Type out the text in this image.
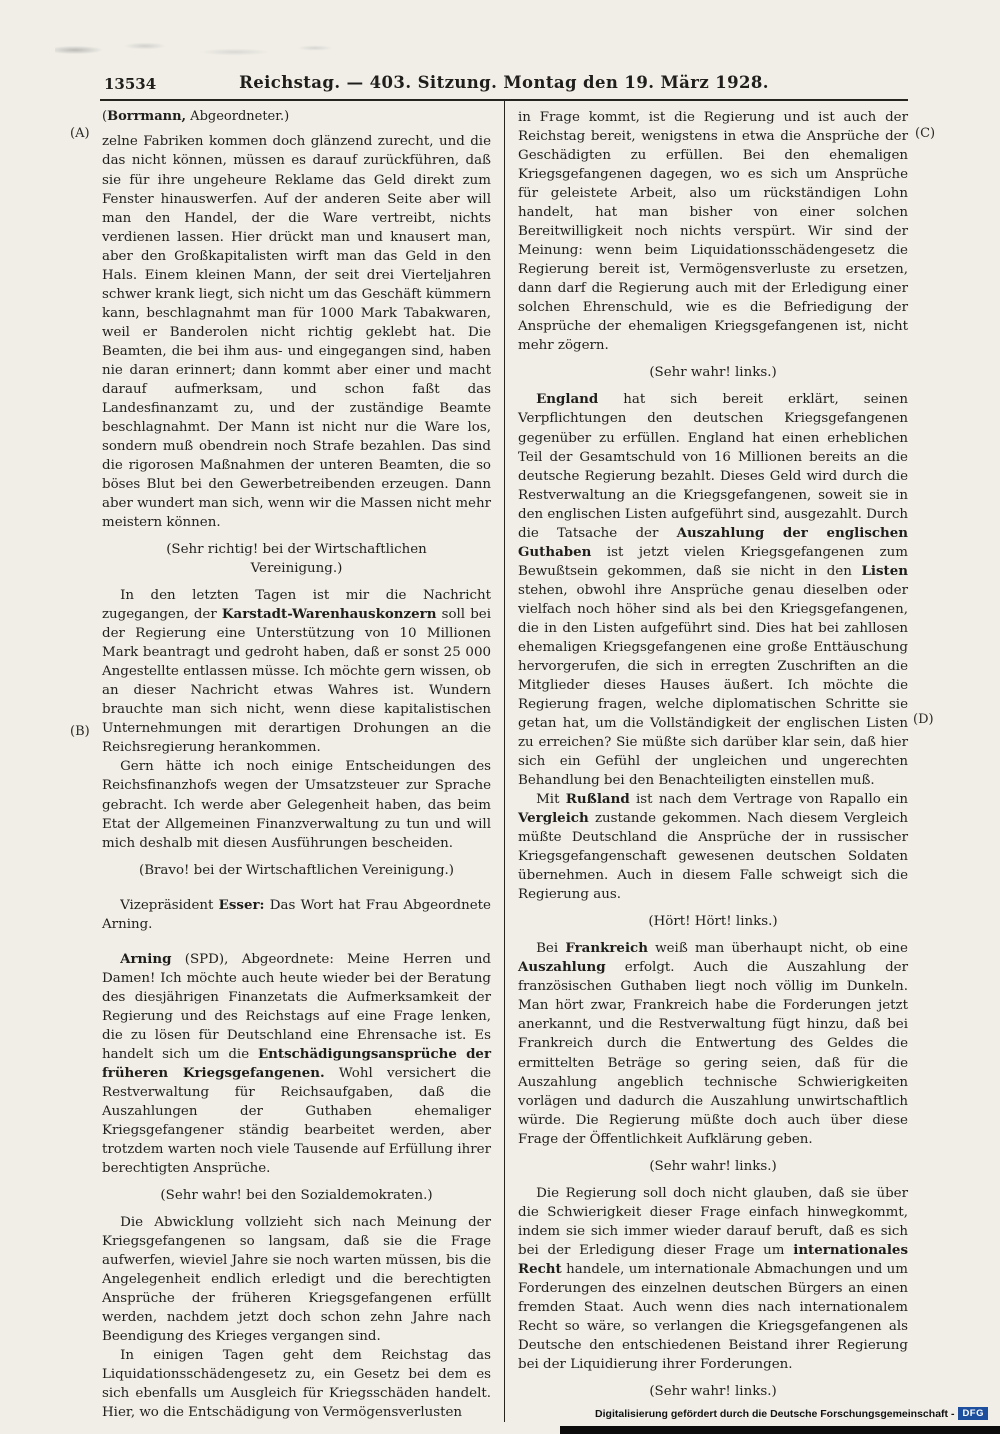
(A)
(B)
(C)
(D)
13534	Reichstag. — 403. Sitzung. Montag den 19. März 1928.

(Borrmann, Abgeordneter.)

zelne Fabriken kommen doch glänzend zurecht, und die das nicht können, müssen es darauf zurückführen, daß sie für ihre ungeheure Reklame das Geld direkt zum Fenster hinauswerfen. Auf der anderen Seite aber will man den Handel, der die Ware vertreibt, nichts verdienen lassen. Hier drückt man und knausert man, aber den Großkapitalisten wirft man das Geld in den Hals. Einem kleinen Mann, der seit drei Vierteljahren schwer krank liegt, sich nicht um das Geschäft kümmern kann, beschlagnahmt man für 1000 Mark Tabakwaren, weil er Banderolen nicht richtig geklebt hat. Die Beamten, die bei ihm aus- und eingegangen sind, haben nie daran erinnert; dann kommt aber einer und macht darauf aufmerksam, und schon faßt das Landesfinanzamt zu, und der zuständige Beamte beschlagnahmt. Der Mann ist nicht nur die Ware los, sondern muß obendrein noch Strafe bezahlen. Das sind die rigorosen Maßnahmen der unteren Beamten, die so böses Blut bei den Gewerbetreibenden erzeugen. Dann aber wundert man sich, wenn wir die Massen nicht mehr meistern können.

(Sehr richtig! bei der Wirtschaftlichen Vereinigung.)

In den letzten Tagen ist mir die Nachricht zugegangen, der Karstadt-Warenhauskonzern soll bei der Regierung eine Unterstützung von 10 Millionen Mark beantragt und gedroht haben, daß er sonst 25 000 Angestellte entlassen müsse. Ich möchte gern wissen, ob an dieser Nachricht etwas Wahres ist. Wundern brauchte man sich nicht, wenn diese kapitalistischen Unternehmungen mit derartigen Drohungen an die Reichsregierung herankommen.

Gern hätte ich noch einige Entscheidungen des Reichsfinanzhofs wegen der Umsatzsteuer zur Sprache gebracht. Ich werde aber Gelegenheit haben, das beim Etat der Allgemeinen Finanzverwaltung zu tun und will mich deshalb mit diesen Ausführungen bescheiden.

(Bravo! bei der Wirtschaftlichen Vereinigung.)

Vizepräsident Esser: Das Wort hat Frau Abgeordnete Arning.

Arning (SPD), Abgeordnete: Meine Herren und Damen! Ich möchte auch heute wieder bei der Beratung des diesjährigen Finanzetats die Aufmerksamkeit der Regierung und des Reichstags auf eine Frage lenken, die zu lösen für Deutschland eine Ehrensache ist. Es handelt sich um die Entschädigungsansprüche der früheren Kriegsgefangenen. Wohl versichert die Restverwaltung für Reichsaufgaben, daß die Auszahlungen der Guthaben ehemaliger Kriegsgefangener ständig bearbeitet werden, aber trotzdem warten noch viele Tausende auf Erfüllung ihrer berechtigten Ansprüche.

(Sehr wahr! bei den Sozialdemokraten.)

Die Abwicklung vollzieht sich nach Meinung der Kriegsgefangenen so langsam, daß sie die Frage aufwerfen, wieviel Jahre sie noch warten müssen, bis die Angelegenheit endlich erledigt und die berechtigten Ansprüche der früheren Kriegsgefangenen erfüllt werden, nachdem jetzt doch schon zehn Jahre nach Beendigung des Krieges vergangen sind.

In einigen Tagen geht dem Reichstag das Liquidationsschädengesetz zu, ein Gesetz bei dem es sich ebenfalls um Ausgleich für Kriegsschäden handelt. Hier, wo die Entschädigung von Vermögensverlusten

in Frage kommt, ist die Regierung und ist auch der Reichstag bereit, wenigstens in etwa die Ansprüche der Geschädigten zu erfüllen. Bei den ehemaligen Kriegsgefangenen dagegen, wo es sich um Ansprüche für geleistete Arbeit, also um rückständigen Lohn handelt, hat man bisher von einer solchen Bereitwilligkeit noch nichts verspürt. Wir sind der Meinung: wenn beim Liquidationsschädengesetz die Regierung bereit ist, Vermögensverluste zu ersetzen, dann darf die Regierung auch mit der Erledigung einer solchen Ehrenschuld, wie es die Befriedigung der Ansprüche der ehemaligen Kriegsgefangenen ist, nicht mehr zögern.

(Sehr wahr! links.)

England hat sich bereit erklärt, seinen Verpflichtungen den deutschen Kriegsgefangenen gegenüber zu erfüllen. England hat einen erheblichen Teil der Gesamtschuld von 16 Millionen bereits an die deutsche Regierung bezahlt. Dieses Geld wird durch die Restverwaltung an die Kriegsgefangenen, soweit sie in den englischen Listen aufgeführt sind, ausgezahlt. Durch die Tatsache der Auszahlung der englischen Guthaben ist jetzt vielen Kriegsgefangenen zum Bewußtsein gekommen, daß sie nicht in den Listen stehen, obwohl ihre Ansprüche genau dieselben oder vielfach noch höher sind als bei den Kriegsgefangenen, die in den Listen aufgeführt sind. Dies hat bei zahllosen ehemaligen Kriegsgefangenen eine große Enttäuschung hervorgerufen, die sich in erregten Zuschriften an die Mitglieder dieses Hauses äußert. Ich möchte die Regierung fragen, welche diplomatischen Schritte sie getan hat, um die Vollständigkeit der englischen Listen zu erreichen? Sie müßte sich darüber klar sein, daß hier sich ein Gefühl der ungleichen und ungerechten Behandlung bei den Benachteiligten einstellen muß.

Mit Rußland ist nach dem Vertrage von Rapallo ein Vergleich zustande gekommen. Nach diesem Vergleich müßte Deutschland die Ansprüche der in russischer Kriegsgefangenschaft gewesenen deutschen Soldaten übernehmen. Auch in diesem Falle schweigt sich die Regierung aus.

(Hört! Hört! links.)

Bei Frankreich weiß man überhaupt nicht, ob eine Auszahlung erfolgt. Auch die Auszahlung der französischen Guthaben liegt noch völlig im Dunkeln. Man hört zwar, Frankreich habe die Forderungen jetzt anerkannt, und die Restverwaltung fügt hinzu, daß bei Frankreich durch die Entwertung des Geldes die ermittelten Beträge so gering seien, daß für die Auszahlung angeblich technische Schwierigkeiten vorlägen und dadurch die Auszahlung unwirtschaftlich würde. Die Regierung müßte doch auch über diese Frage der Öffentlichkeit Aufklärung geben.

(Sehr wahr! links.)

Die Regierung soll doch nicht glauben, daß sie über die Schwierigkeit dieser Frage einfach hinwegkommt, indem sie sich immer wieder darauf beruft, daß es sich bei der Erledigung dieser Frage um internationales Recht handele, um internationale Abmachungen und um Forderungen des einzelnen deutschen Bürgers an einen fremden Staat. Auch wenn dies nach internationalem Recht so wäre, so verlangen die Kriegsgefangenen als Deutsche den entschiedenen Beistand ihrer Regierung bei der Liquidierung ihrer Forderungen.

(Sehr wahr! links.)

Digitalisierung gefördert durch die Deutsche Forschungsgemeinschaft - DFG
